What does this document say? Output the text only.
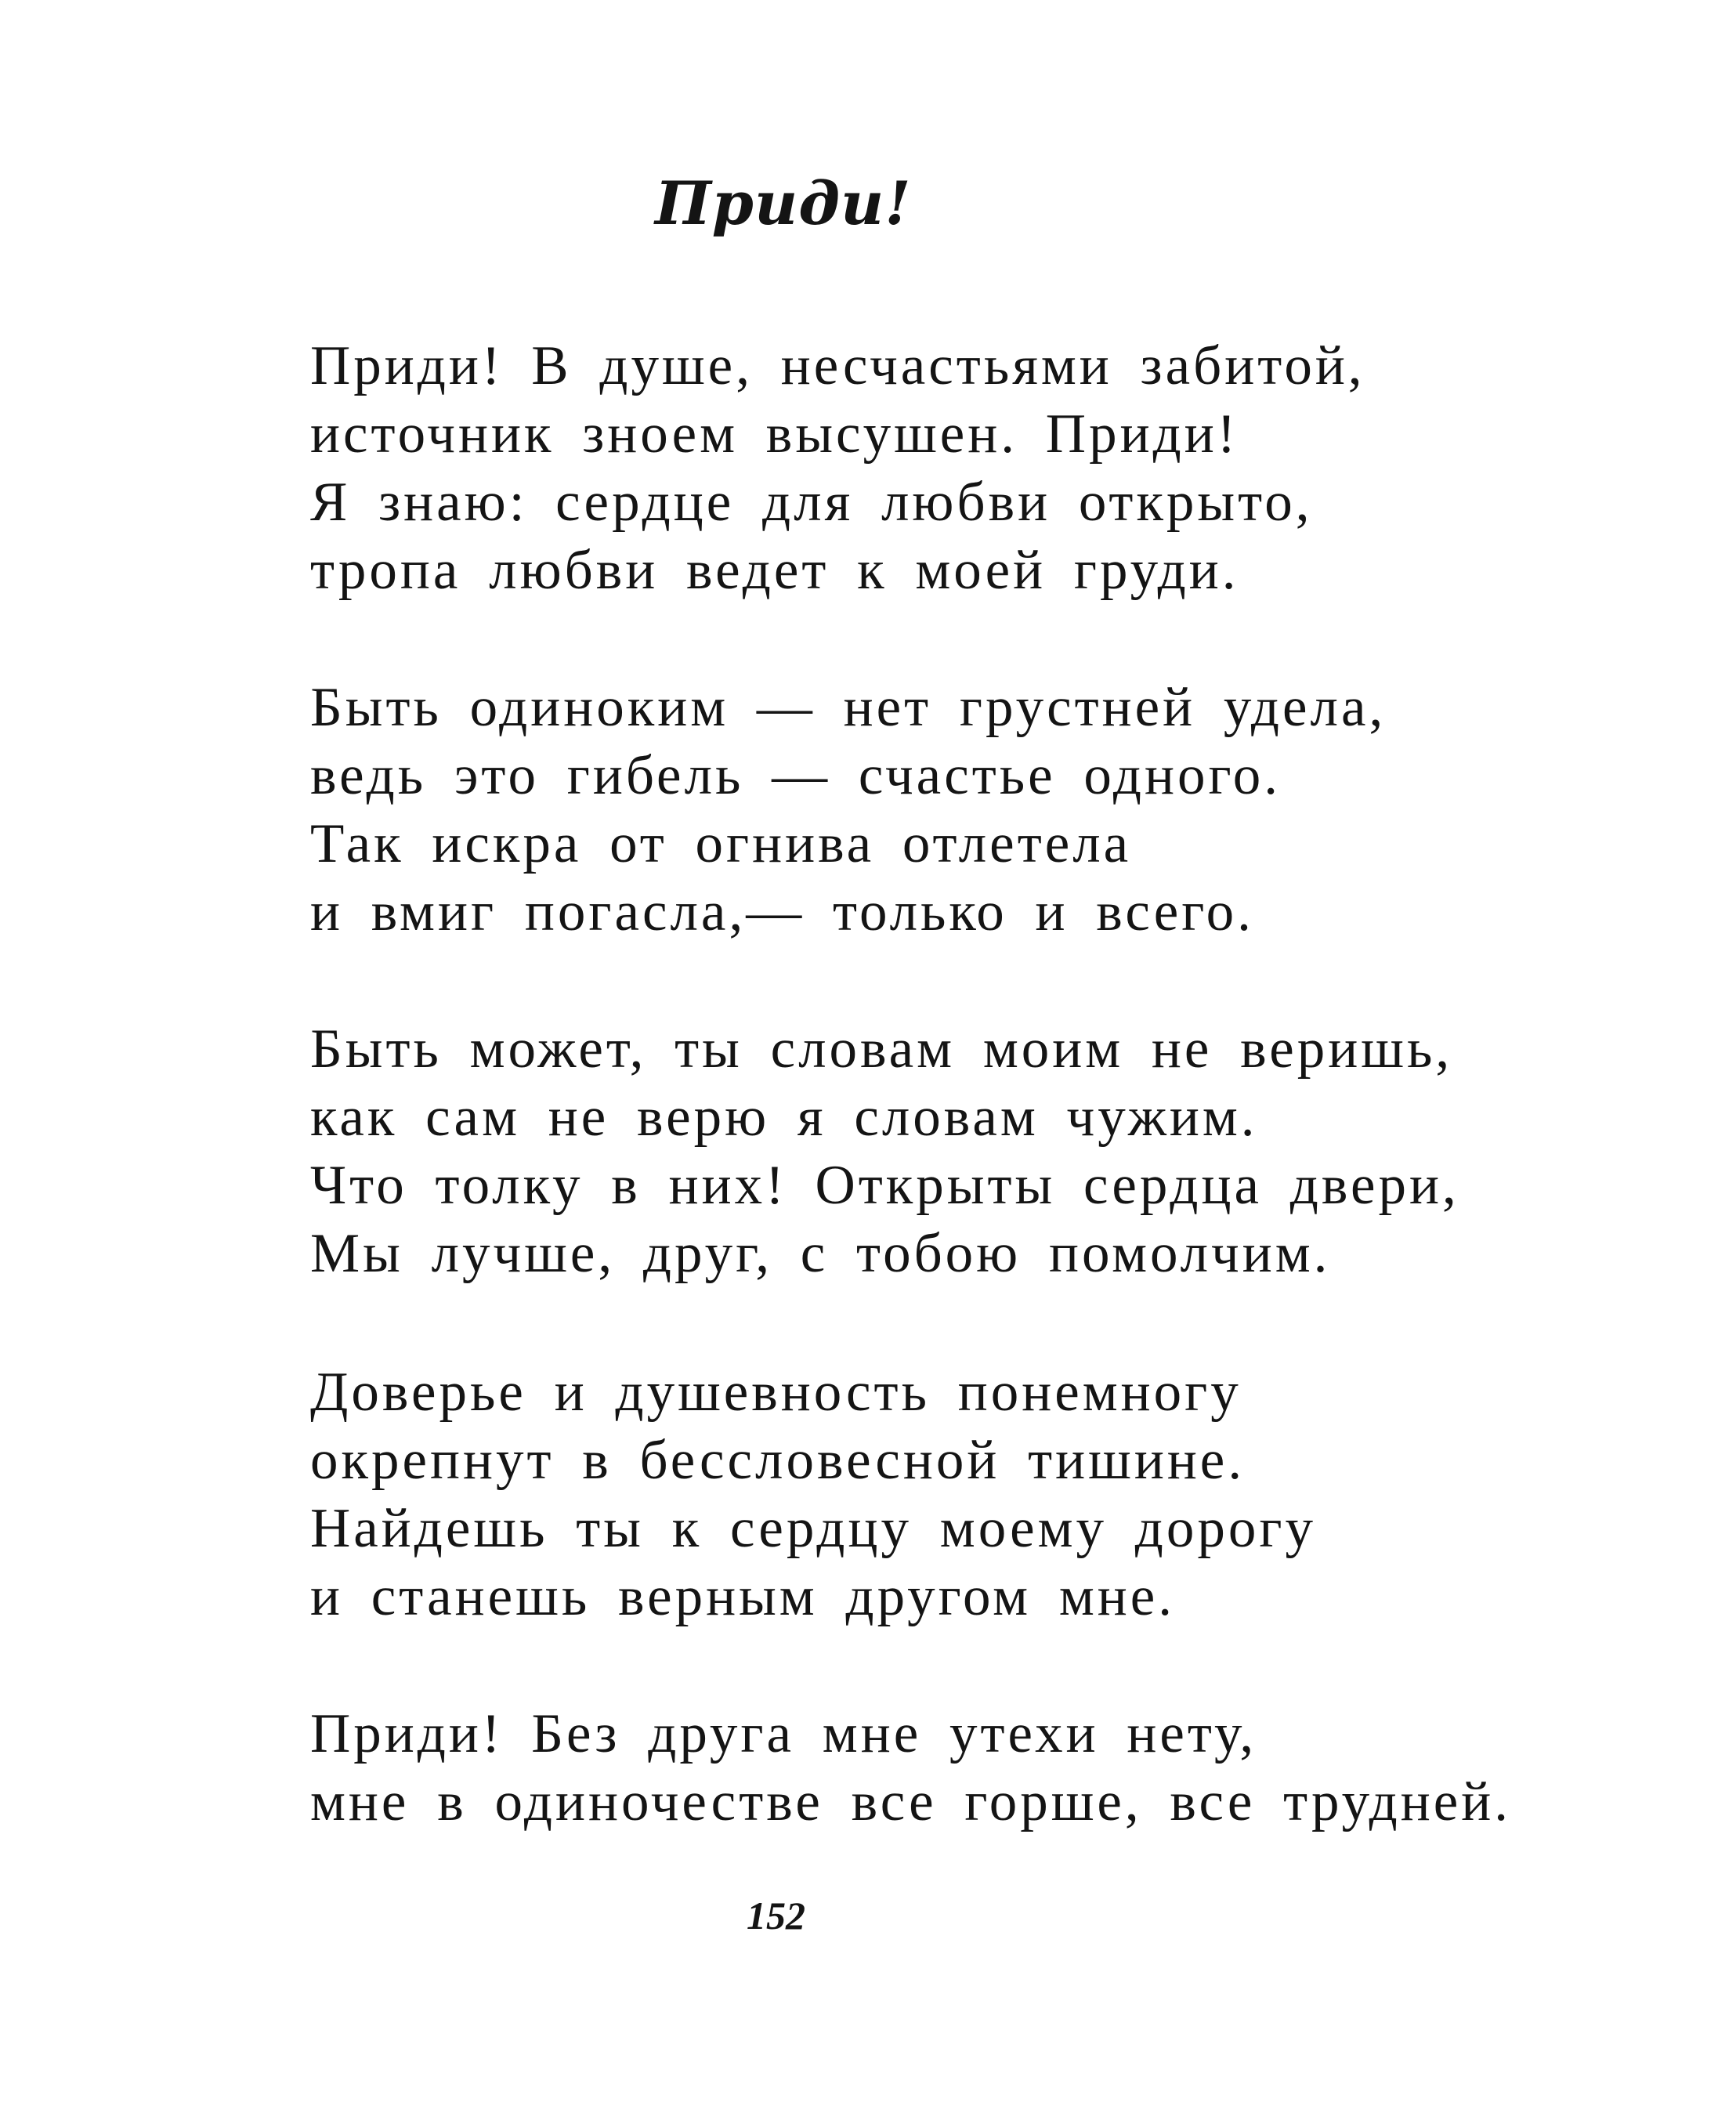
Приди!

Приди! В душе, несчастьями забитой,

источник зноем высушен. Приди!

Я знаю: сердце для любви открыто,

тропа любви ведет к моей груди.

Быть одиноким — нет грустней удела,

ведь это гибель — счастье одного.

Так искра от огнива отлетела

и вмиг погасла,— только и всего.

Быть может, ты словам моим не веришь,

как сам не верю я словам чужим.

Что толку в них! Открыты сердца двери,

Мы лучше, друг, с тобою помолчим.

Доверье и душевность понемногу

окрепнут в бессловесной тишине.

Найдешь ты к сердцу моему дорогу

и станешь верным другом мне.

Приди! Без друга мне утехи нету,

мне в одиночестве все горше, все трудней.

152
